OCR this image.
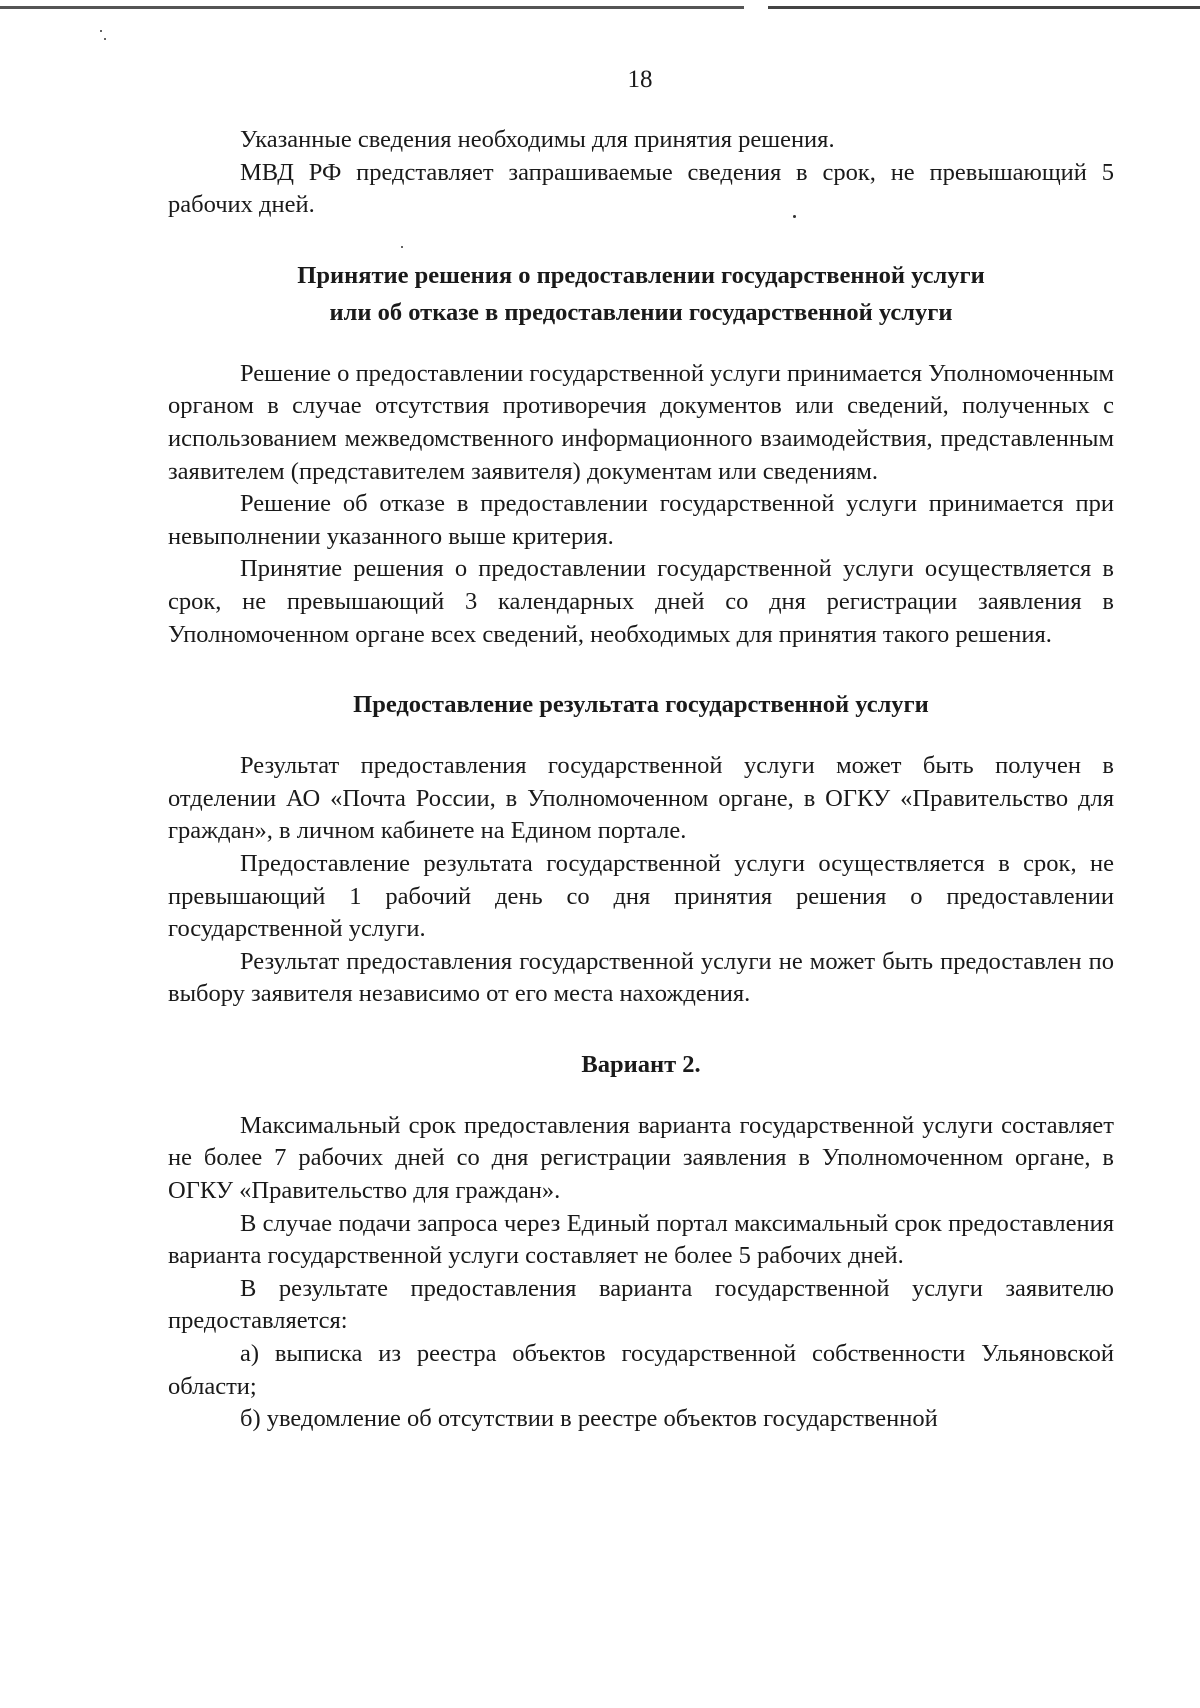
18

Указанные сведения необходимы для принятия решения.

МВД РФ представляет запрашиваемые сведения в срок, не превышающий 5 рабочих дней.

Принятие решения о предоставлении государственной услуги
или об отказе в предоставлении государственной услуги

Решение о предоставлении государственной услуги принимается Уполномоченным органом в случае отсутствия противоречия документов или сведений, полученных с использованием межведомственного информационного взаимодействия, представленным заявителем (представителем заявителя) документам или сведениям.

Решение об отказе в предоставлении государственной услуги принимается при невыполнении указанного выше критерия.

Принятие решения о предоставлении государственной услуги осуществляется в срок, не превышающий 3 календарных дней со дня регистрации заявления в Уполномоченном органе всех сведений, необходимых для принятия такого решения.

Предоставление результата государственной услуги

Результат предоставления государственной услуги может быть получен в отделении АО «Почта России, в Уполномоченном органе, в ОГКУ «Правительство для граждан», в личном кабинете на Едином портале.

Предоставление результата государственной услуги осуществляется в срок, не превышающий 1 рабочий день со дня принятия решения о предоставлении государственной услуги.

Результат предоставления государственной услуги не может быть предоставлен по выбору заявителя независимо от его места нахождения.

Вариант 2.

Максимальный срок предоставления варианта государственной услуги составляет не более 7 рабочих дней со дня регистрации заявления в Уполномоченном органе, в ОГКУ «Правительство для граждан».

В случае подачи запроса через Единый портал максимальный срок предоставления варианта государственной услуги составляет не более 5 рабочих дней.

В результате предоставления варианта государственной услуги заявителю предоставляется:

а) выписка из реестра объектов государственной собственности Ульяновской области;

б) уведомление об отсутствии в реестре объектов государственной
